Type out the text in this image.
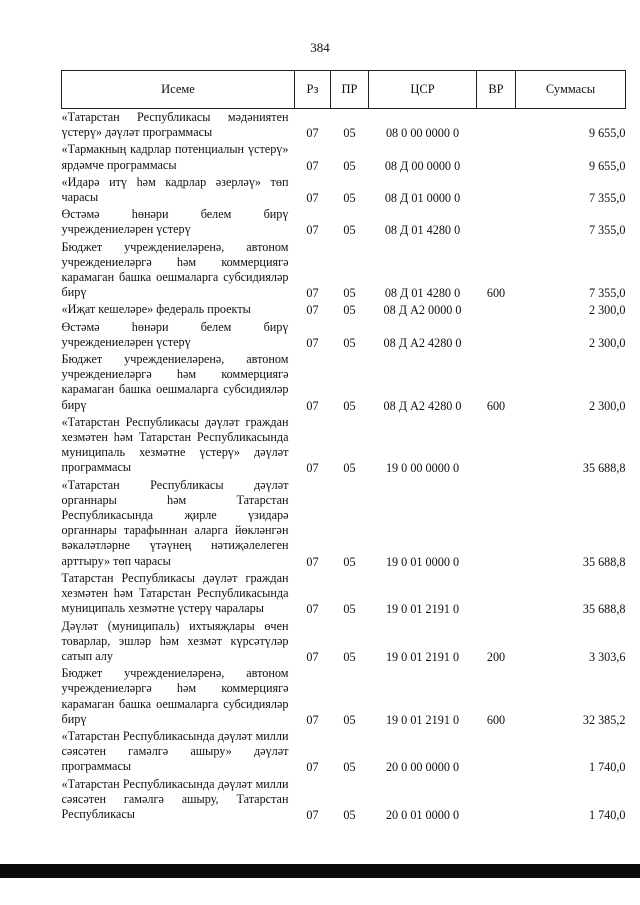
384
Исеме	Рз	ПР	ЦСР	ВР	Суммасы
«Татарстан Республикасы мәдәниятен үстерү» дәүләт программасы	07	05	08 0 00 0000 0		9 655,0
«Тармакның кадрлар потенциалын үстерү» ярдәмче программасы	07	05	08 Д 00 0000 0		9 655,0
«Идарә итү һәм кадрлар әзерләү» төп чарасы	07	05	08 Д 01 0000 0		7 355,0
Өстәмә һөнәри белем бирү учреждениеләрен үстерү	07	05	08 Д 01 4280 0		7 355,0
Бюджет учреждениеләренә, автоном учреждениеләргә һәм коммерциягә карамаган башка оешмаларга субсидияләр бирү	07	05	08 Д 01 4280 0	600	7 355,0
«Иҗат кешеләре» федераль проекты	07	05	08 Д А2 0000 0		2 300,0
Өстәмә һөнәри белем бирү учреждениеләрен үстерү	07	05	08 Д А2 4280 0		2 300,0
Бюджет учреждениеләренә, автоном учреждениеләргә һәм коммерциягә карамаган башка оешмаларга субсидияләр бирү	07	05	08 Д А2 4280 0	600	2 300,0
«Татарстан Республикасы дәүләт граждан хезмәтен һәм Татарстан Республикасында муниципаль хезмәтне үстерү» дәүләт программасы	07	05	19 0 00 0000 0		35 688,8
«Татарстан Республикасы дәүләт органнары һәм Татарстан Республикасында җирле үзидарә органнары тарафыннан аларга йөкләнгән вәкаләтләрне үтәүнең нәтиҗәлелеген арттыру» төп чарасы	07	05	19 0 01 0000 0		35 688,8
Татарстан Республикасы дәүләт граждан хезмәтен һәм Татарстан Республикасында муниципаль хезмәтне үстерү чаралары	07	05	19 0 01 2191 0		35 688,8
Дәүләт (муниципаль) ихтыяҗлары өчен товарлар, эшләр һәм хезмәт күрсәтүләр сатып алу	07	05	19 0 01 2191 0	200	3 303,6
Бюджет учреждениеләренә, автоном учреждениеләргә һәм коммерциягә карамаган башка оешмаларга субсидияләр бирү	07	05	19 0 01 2191 0	600	32 385,2
«Татарстан Республикасында дәүләт милли сәясәтен гамәлгә ашыру» дәүләт программасы	07	05	20 0 00 0000 0		1 740,0
«Татарстан Республикасында дәүләт милли сәясәтен гамәлгә ашыру, Татарстан Республикасы	07	05	20 0 01 0000 0		1 740,0
